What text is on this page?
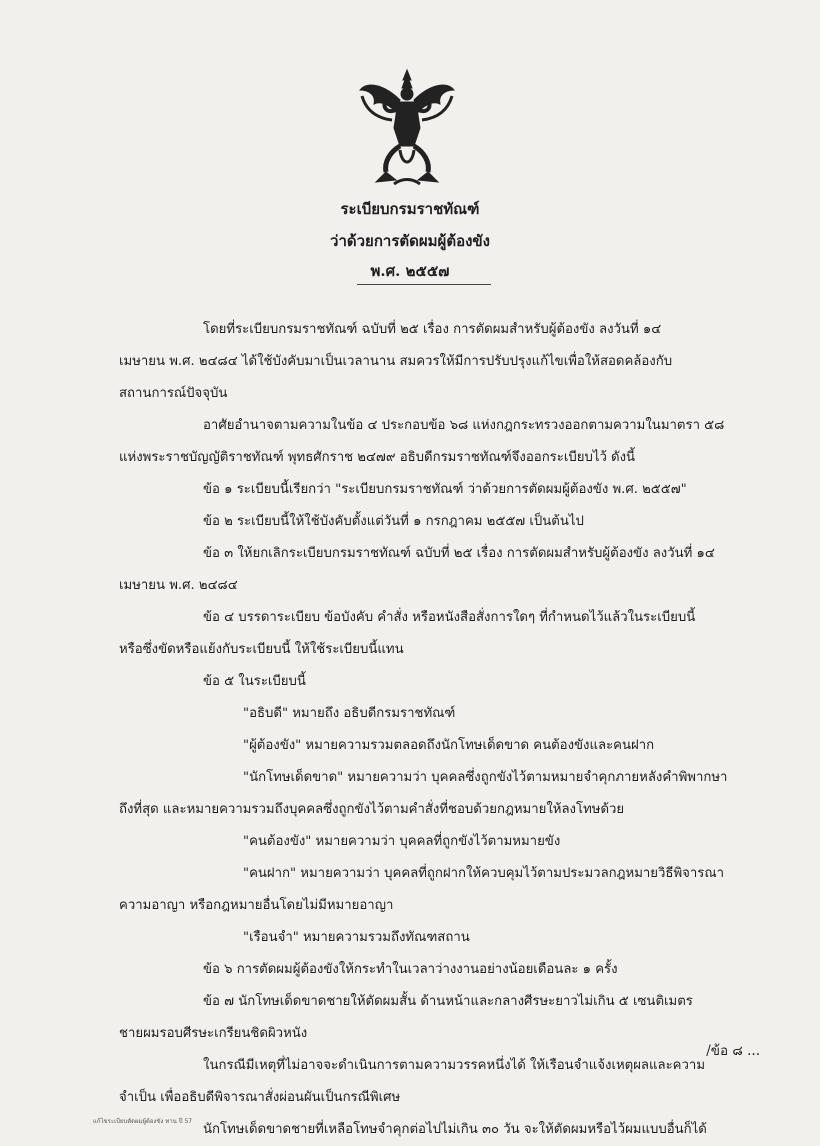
ระเบียบกรมราชทัณฑ์
ว่าด้วยการตัดผมผู้ต้องขัง
พ.ศ. ๒๕๕๗
โดยที่ระเบียบกรมราชทัณฑ์ ฉบับที่ ๒๕ เรื่อง การตัดผมสำหรับผู้ต้องขัง ลงวันที่ ๑๔
เมษายน พ.ศ. ๒๔๘๔ ได้ใช้บังคับมาเป็นเวลานาน สมควรให้มีการปรับปรุงแก้ไขเพื่อให้สอดคล้องกับ
สถานการณ์ปัจจุบัน
อาศัยอำนาจตามความในข้อ ๔ ประกอบข้อ ๖๘ แห่งกฎกระทรวงออกตามความในมาตรา ๕๘
แห่งพระราชบัญญัติราชทัณฑ์ พุทธศักราช ๒๔๗๙ อธิบดีกรมราชทัณฑ์จึงออกระเบียบไว้ ดังนี้
ข้อ ๑ ระเบียบนี้เรียกว่า "ระเบียบกรมราชทัณฑ์ ว่าด้วยการตัดผมผู้ต้องขัง พ.ศ. ๒๕๕๗"
ข้อ ๒ ระเบียบนี้ให้ใช้บังคับตั้งแต่วันที่ ๑ กรกฎาคม ๒๕๕๗ เป็นต้นไป
ข้อ ๓ ให้ยกเลิกระเบียบกรมราชทัณฑ์ ฉบับที่ ๒๕ เรื่อง การตัดผมสำหรับผู้ต้องขัง ลงวันที่ ๑๔
เมษายน พ.ศ. ๒๔๘๔
ข้อ ๔ บรรดาระเบียบ ข้อบังคับ คำสั่ง หรือหนังสือสั่งการใดๆ ที่กำหนดไว้แล้วในระเบียบนี้
หรือซึ่งขัดหรือแย้งกับระเบียบนี้ ให้ใช้ระเบียบนี้แทน
ข้อ ๕ ในระเบียบนี้
"อธิบดี" หมายถึง อธิบดีกรมราชทัณฑ์
"ผู้ต้องขัง" หมายความรวมตลอดถึงนักโทษเด็ดขาด คนต้องขังและคนฝาก
"นักโทษเด็ดขาด" หมายความว่า บุคคลซึ่งถูกขังไว้ตามหมายจำคุกภายหลังคำพิพากษา
ถึงที่สุด และหมายความรวมถึงบุคคลซึ่งถูกขังไว้ตามคำสั่งที่ชอบด้วยกฎหมายให้ลงโทษด้วย
"คนต้องขัง" หมายความว่า บุคคลที่ถูกขังไว้ตามหมายขัง
"คนฝาก" หมายความว่า บุคคลที่ถูกฝากให้ควบคุมไว้ตามประมวลกฎหมายวิธีพิจารณา
ความอาญา หรือกฎหมายอื่นโดยไม่มีหมายอาญา
"เรือนจำ" หมายความรวมถึงทัณฑสถาน
ข้อ ๖ การตัดผมผู้ต้องขังให้กระทำในเวลาว่างงานอย่างน้อยเดือนละ ๑ ครั้ง
ข้อ ๗ นักโทษเด็ดขาดชายให้ตัดผมสั้น ด้านหน้าและกลางศีรษะยาวไม่เกิน ๕ เซนติเมตร
ชายผมรอบศีรษะเกรียนชิดผิวหนัง
ในกรณีมีเหตุที่ไม่อาจจะดำเนินการตามความวรรคหนึ่งได้ ให้เรือนจำแจ้งเหตุผลและความ
จำเป็น เพื่ออธิบดีพิจารณาสั่งผ่อนผันเป็นกรณีพิเศษ
นักโทษเด็ดขาดชายที่เหลือโทษจำคุกต่อไปไม่เกิน ๓๐ วัน จะให้ตัดผมหรือไว้ผมแบบอื่นก็ได้
/ข้อ ๘ ...
แก้ไขระเบียบตัดผมผู้ต้องขัง ทาน ปี 57
